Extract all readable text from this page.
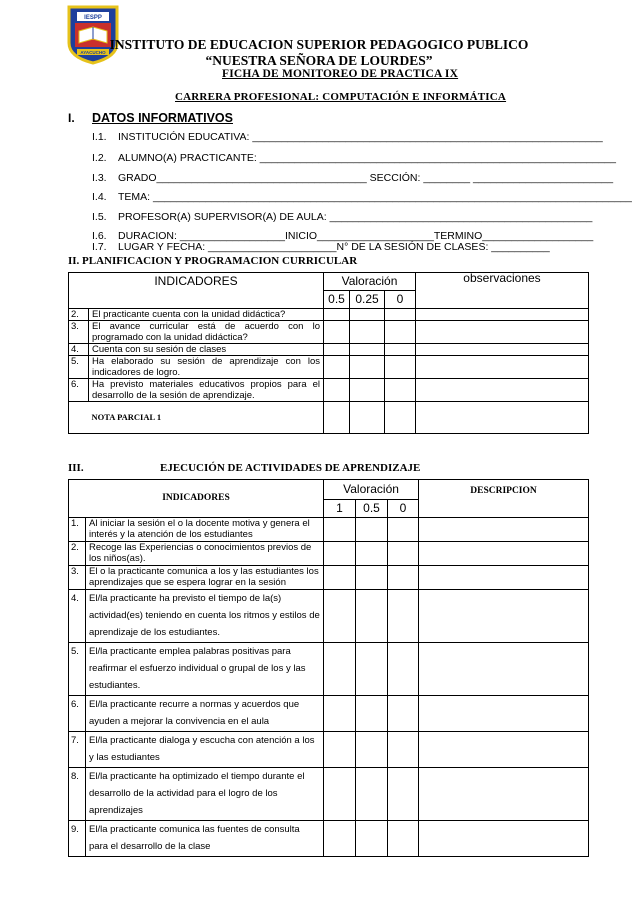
IESPP
AYACUCHO
INSTITUTO DE EDUCACION SUPERIOR PEDAGOGICO PUBLICO
“NUESTRA SEÑORA DE LOURDES”
FICHA DE MONITOREO DE PRACTICA IX
CARRERA PROFESIONAL: COMPUTACIÓN E INFORMÁTICA
I. DATOS INFORMATIVOS
I.1. INSTITUCIÓN EDUCATIVA: ____________________________________________________________
I.2. ALUMNO(A) PRACTICANTE: _____________________________________________________________
I.3. GRADO____________________________________ SECCIÓN: ________ ________________________
I.4. TEMA: __________________________________________________________________________________
I.5. PROFESOR(A) SUPERVISOR(A) DE AULA: _____________________________________________
I.6. DURACION: __________________INICIO____________________TERMINO___________________
I.7. LUGAR Y FECHA: ______________________N° DE LA SESIÓN DE CLASES: __________
II. PLANIFICACION Y PROGRAMACION CURRICULAR
INDICADORES		Valoración			observaciones
		0.5	0.25	0	
2.	El practicante cuenta con la unidad didáctica?				
3.	El avance curricular está de acuerdo con lo programado con la unidad didáctica?				
4.	Cuenta con su sesión de clases				
5.	Ha elaborado su sesión de aprendizaje con los indicadores de logro.				
6.	Ha previsto materiales educativos propios para el desarrollo de la sesión de aprendizaje.				
	NOTA PARCIAL 1				
III.	EJECUCIÓN DE ACTIVIDADES DE APRENDIZAJE
INDICADORES		Valoración			DESCRIPCION
		1	0.5	0	
1.	Al iniciar la sesión el o la docente motiva y genera el interés y la atención de los estudiantes				
2.	Recoge las Experiencias o conocimientos previos de los niños(as).				
3.	El o la practicante comunica a los y las estudiantes los aprendizajes que se espera lograr en la sesión				
4.	El/la practicante ha previsto el tiempo de la(s) actividad(es) teniendo en cuenta los ritmos y estilos de aprendizaje de los estudiantes.				
5.	El/la practicante emplea palabras positivas para reafirmar el esfuerzo individual o grupal de los y las estudiantes.				
6.	El/la practicante recurre a normas y acuerdos que ayuden a mejorar la convivencia en el aula				
7.	El/la practicante dialoga y escucha con atención a los y las estudiantes				
8.	El/la practicante ha optimizado el tiempo durante el desarrollo de la actividad para el logro de los aprendizajes				
9.	El/la practicante comunica las fuentes de consulta para el desarrollo de la clase				
